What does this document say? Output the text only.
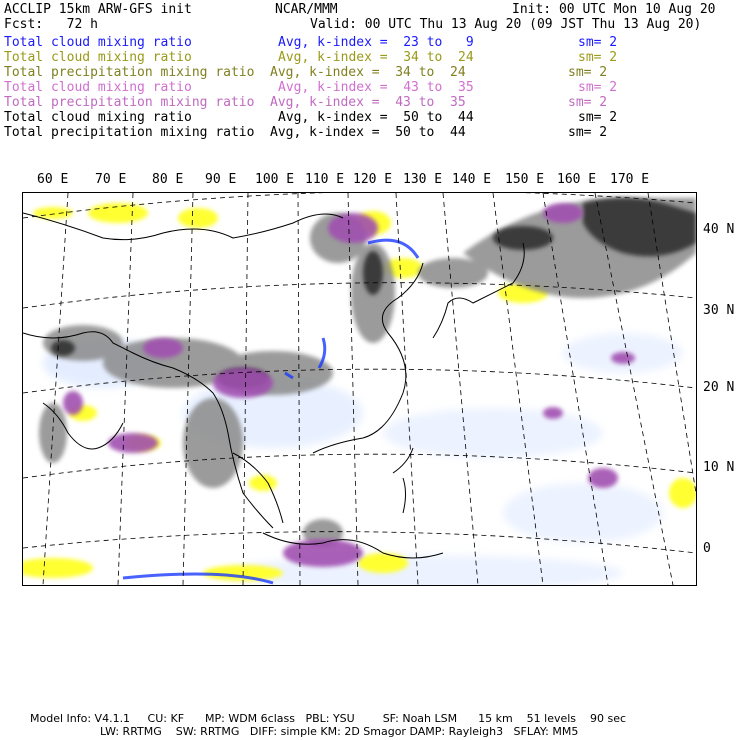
ACCLIP 15km ARW-GFS init	NCAR/MMM	Init: 00 UTC Mon 10 Aug 20
Fcst:   72 h	Valid: 00 UTC Thu 13 Aug 20 (09 JST Thu 13 Aug 20)
Total cloud mixing ratio	Avg, k-index =  23 to   9	sm= 2
Total cloud mixing ratio	Avg, k-index =  34 to  24	sm= 2
Total precipitation mixing ratio Avg, k-index =  34 to  24	sm= 2
Total cloud mixing ratio	Avg, k-index =  43 to  35	sm= 2
Total precipitation mixing ratio Avg, k-index =  43 to  35	sm= 2
Total cloud mixing ratio	Avg, k-index =  50 to  44	sm= 2
Total precipitation mixing ratio Avg, k-index =  50 to  44	sm= 2
60 E 70 E 80 E 90 E 100 E 110 E 120 E 130 E 140 E 150 E 160 E 170 E
40 N
30 N
20 N
10 N
0
Model Info: V4.1.1     CU: KF      MP: WDM 6class   PBL: YSU        SF: Noah LSM      15 km    51 levels    90 sec
LW: RRTMG    SW: RRTMG   DIFF: simple KM: 2D Smagor DAMP: Rayleigh3   SFLAY: MM5
